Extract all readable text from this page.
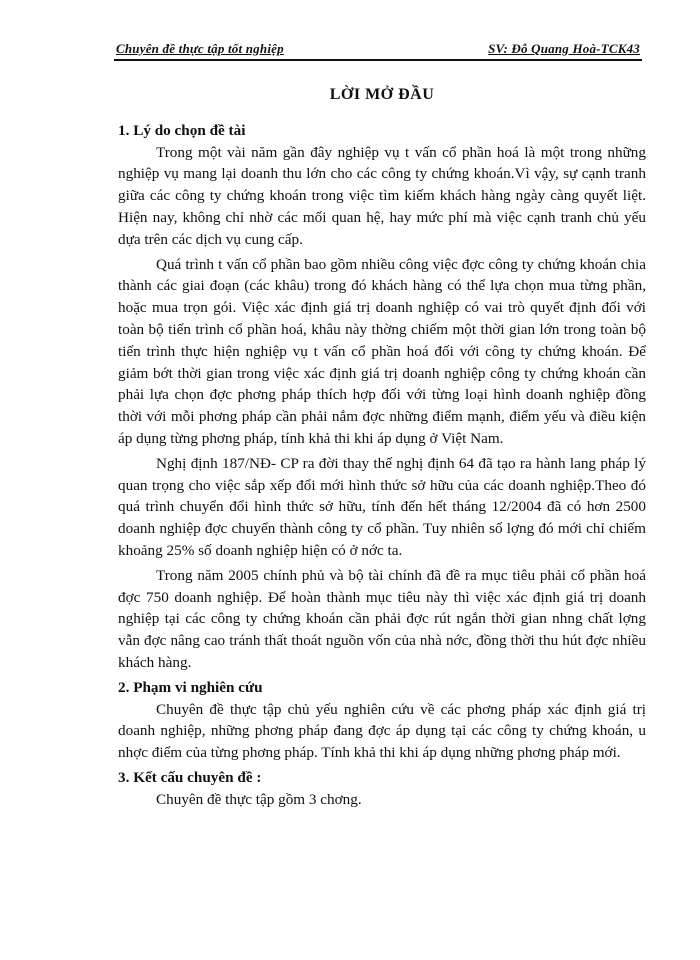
Chuyên đề thực tập tốt nghiệp	SV: Đỗ Quang Hoà-TCK43
LỜI MỞ ĐẦU
1. Lý do chọn đề tài

Trong một vài năm gần đây nghiệp vụ t vấn cổ phần hoá là một trong những nghiệp vụ mang lại doanh thu lớn cho các công ty chứng khoán.Vì vậy, sự cạnh tranh giữa các công ty chứng khoán trong việc tìm kiếm khách hàng ngày càng quyết liệt. Hiện nay, không chỉ nhờ các mối quan hệ, hay mức phí mà việc cạnh tranh chủ yếu dựa trên các dịch vụ cung cấp.

Quá trình t vấn cổ phần bao gồm nhiều công việc đợc công ty chứng khoán chia thành các giai đoạn (các khâu) trong đó khách hàng có thể lựa chọn mua từng phần, hoặc mua trọn gói. Việc xác định giá trị doanh nghiệp có vai trò quyết định đối với toàn bộ tiến trình cổ phần hoá, khâu này thờng chiếm một thời gian lớn trong toàn bộ tiến trình thực hiện nghiệp vụ t vấn cổ phần hoá đối với công ty chứng khoán. Để giảm bớt thời gian trong việc xác định giá trị doanh nghiệp công ty chứng khoán cần phải lựa chọn đợc phơng pháp thích hợp đối với từng loại hình doanh nghiệp đồng thời với mỗi phơng pháp cần phải nắm đợc những điểm mạnh, điểm yếu và điều kiện áp dụng từng phơng pháp, tính khả thi khi áp dụng ở Việt Nam.

Nghị định 187/NĐ- CP ra đời thay thế nghị định 64 đã tạo ra hành lang pháp lý quan trọng cho việc sắp xếp đổi mới hình thức sở hữu của các doanh nghiệp.Theo đó quá trình chuyển đổi hình thức sở hữu, tính đến hết tháng 12/2004 đã có hơn 2500 doanh nghiệp đợc chuyển thành công ty cổ phần. Tuy nhiên số lợng đó mới chỉ chiếm khoảng 25% số doanh nghiệp hiện có ở nớc ta.

Trong năm 2005 chính phủ và bộ tài chính đã đề ra mục tiêu phải cổ phần hoá đợc 750 doanh nghiệp. Để hoàn thành mục tiêu này thì việc xác định giá trị doanh nghiệp tại các công ty chứng khoán cần phải đợc rút ngắn thời gian nhng chất lợng vẫn đợc nâng cao tránh thất thoát nguồn vốn của nhà nớc, đồng thời thu hút đợc nhiều khách hàng.

2. Phạm vi nghiên cứu

Chuyên đề thực tập chủ yếu nghiên cứu về các phơng pháp xác định giá trị doanh nghiệp, những phơng pháp đang đợc áp dụng tại các công ty chứng khoán, u nhợc điểm của từng phơng pháp. Tính khả thi khi áp dụng những phơng pháp mới.

3. Kết cấu chuyên đề :

Chuyên đề thực tập gồm 3 chơng.
